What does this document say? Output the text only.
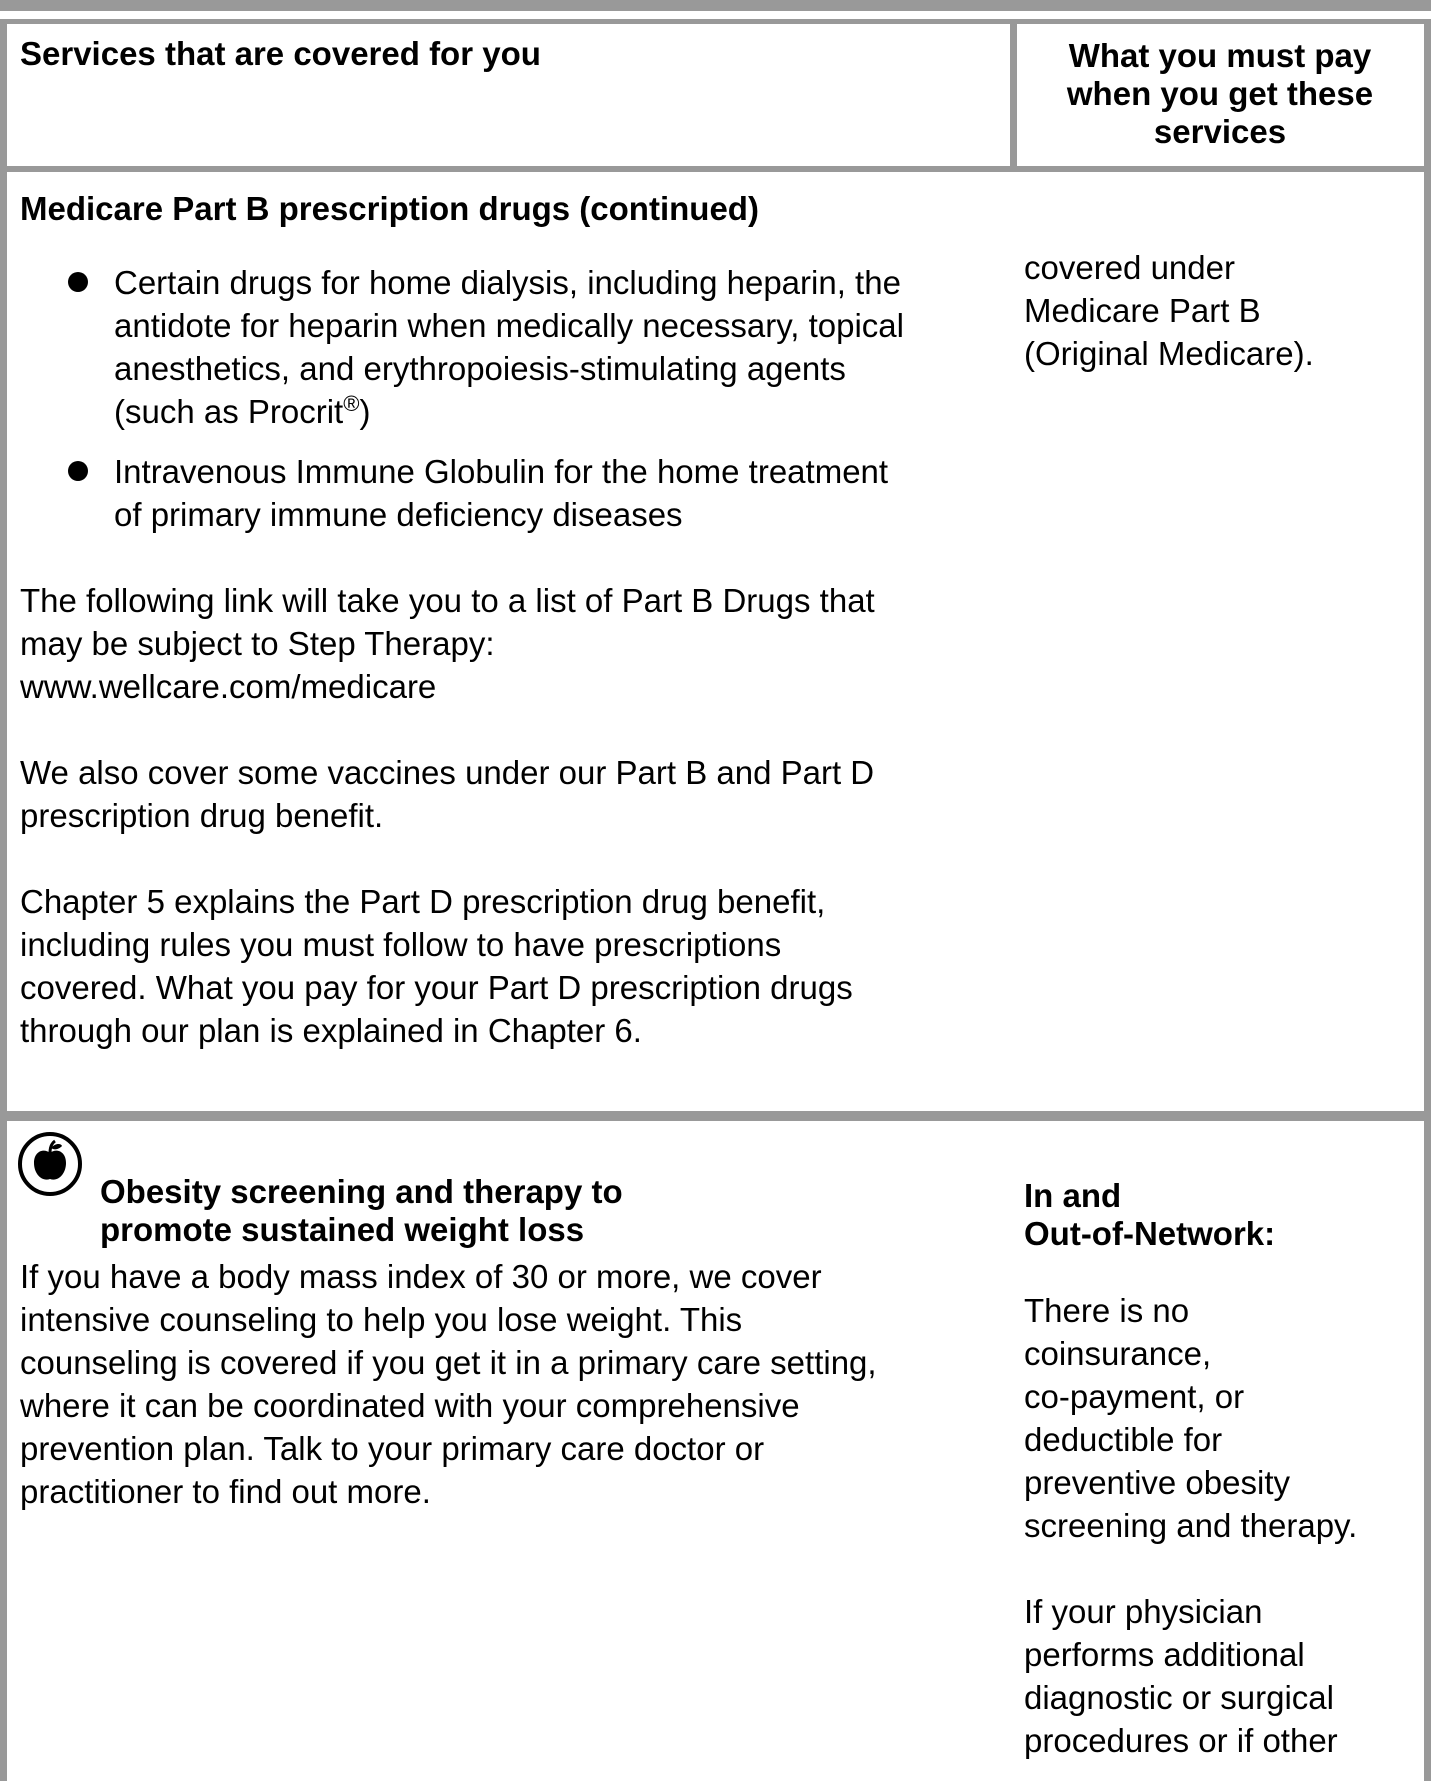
Services that are covered for you	What you must pay
when you get these
services
Medicare Part B prescription drugs (continued)
Certain drugs for home dialysis, including heparin, the
antidote for heparin when medically necessary, topical
anesthetics, and erythropoiesis-stimulating agents
(such as Procrit®)
Intravenous Immune Globulin for the home treatment
of primary immune deficiency diseases
The following link will take you to a list of Part B Drugs that
may be subject to Step Therapy:
www.wellcare.com/medicare
We also cover some vaccines under our Part B and Part D
prescription drug benefit.
Chapter 5 explains the Part D prescription drug benefit,
including rules you must follow to have prescriptions
covered. What you pay for your Part D prescription drugs
through our plan is explained in Chapter 6.
covered under
Medicare Part B
(Original Medicare).
Obesity screening and therapy to
promote sustained weight loss
If you have a body mass index of 30 or more, we cover
intensive counseling to help you lose weight. This
counseling is covered if you get it in a primary care setting,
where it can be coordinated with your comprehensive
prevention plan. Talk to your primary care doctor or
practitioner to find out more.
In and
Out-of-Network:
There is no
coinsurance,
co-payment, or
deductible for
preventive obesity
screening and therapy.
If your physician
performs additional
diagnostic or surgical
procedures or if other
